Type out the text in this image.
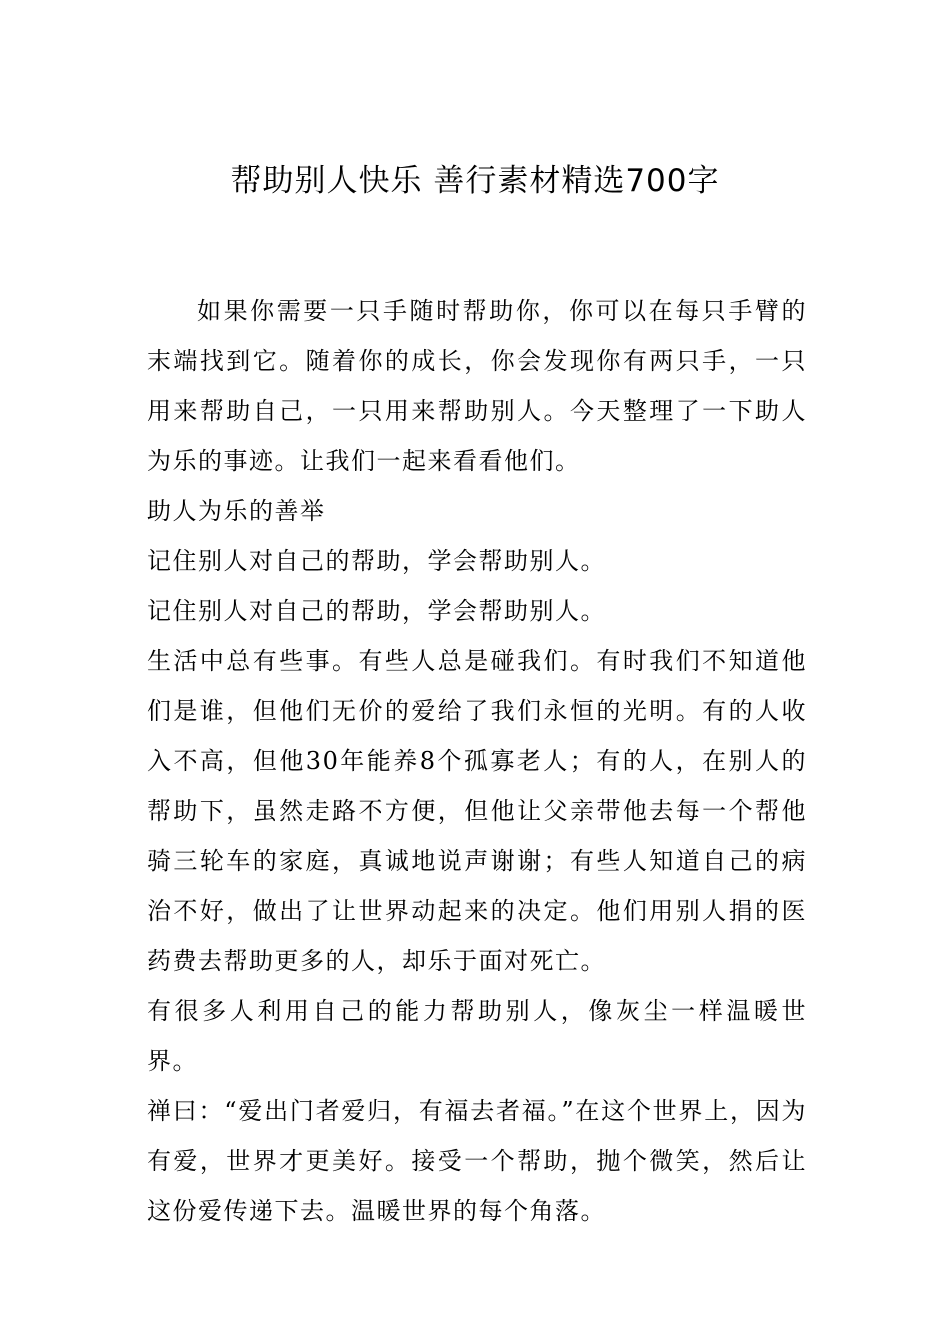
帮助别人快乐 善行素材精选700字

如果你需要一只手随时帮助你，你可以在每只手臂的末端找到它。随着你的成长，你会发现你有两只手，一只用来帮助自己，一只用来帮助别人。今天整理了一下助人为乐的事迹。让我们一起来看看他们。

助人为乐的善举

记住别人对自己的帮助，学会帮助别人。

记住别人对自己的帮助，学会帮助别人。

生活中总有些事。有些人总是碰我们。有时我们不知道他们是谁，但他们无价的爱给了我们永恒的光明。有的人收入不高，但他30年能养8个孤寡老人；有的人，在别人的帮助下，虽然走路不方便，但他让父亲带他去每一个帮他骑三轮车的家庭，真诚地说声谢谢；有些人知道自己的病治不好，做出了让世界动起来的决定。他们用别人捐的医药费去帮助更多的人，却乐于面对死亡。

有很多人利用自己的能力帮助别人，像灰尘一样温暖世界。

禅曰：“爱出门者爱归，有福去者福。”在这个世界上，因为有爱，世界才更美好。接受一个帮助，抛个微笑，然后让这份爱传递下去。温暖世界的每个角落。
